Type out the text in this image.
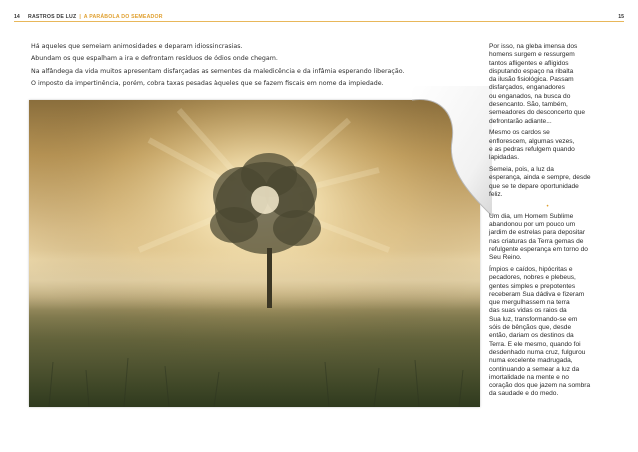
14	RASTROS DE LUZ | A PARÁBOLA DO SEMEADOR	15

Há aqueles que semeiam animosidades e deparam idiossincrasias.

Abundam os que espalham a ira e defrontam resíduos de ódios onde chegam.

Na alfândega da vida muitos apresentam disfarçadas as sementes da maledicência e da infâmia esperando liberação.

O imposto da impertinência, porém, cobra taxas pesadas àqueles que se fazem fiscais em nome da impiedade.

Por isso, na gleba imensa dos
homens surgem e ressurgem
tantos afligentes e afligidos
disputando espaço na ribalta
da ilusão fisiológica. Passam
disfarçados, enganadores
ou enganados, na busca do
desencanto. São, também,
semeadores do desconcerto que
defrontarão adiante...

Mesmo os cardos se
enflorescem, algumas vezes,
e as pedras refulgem quando
lapidadas.

Semeia, pois, a luz da
esperança, ainda e sempre, desde
que se te depare oportunidade
feliz.

•

Um dia, um Homem Sublime
abandonou por um pouco um
jardim de estrelas para depositar
nas criaturas da Terra gemas de
refulgente esperança em torno do
Seu Reino.

Ímpios e caídos, hipócritas e
pecadores, nobres e plebeus,
gentes simples e prepotentes
receberam Sua dádiva e fizeram
que mergulhassem na terra
das suas vidas os raios da
Sua luz, transformando-se em
sóis de bênçãos que, desde
então, dariam os destinos da
Terra. E ele mesmo, quando foi
desdenhado numa cruz, fulgurou
numa excelente madrugada,
continuando a semear a luz da
imortalidade na mente e no
coração dos que jazem na sombra
da saudade e do medo.
